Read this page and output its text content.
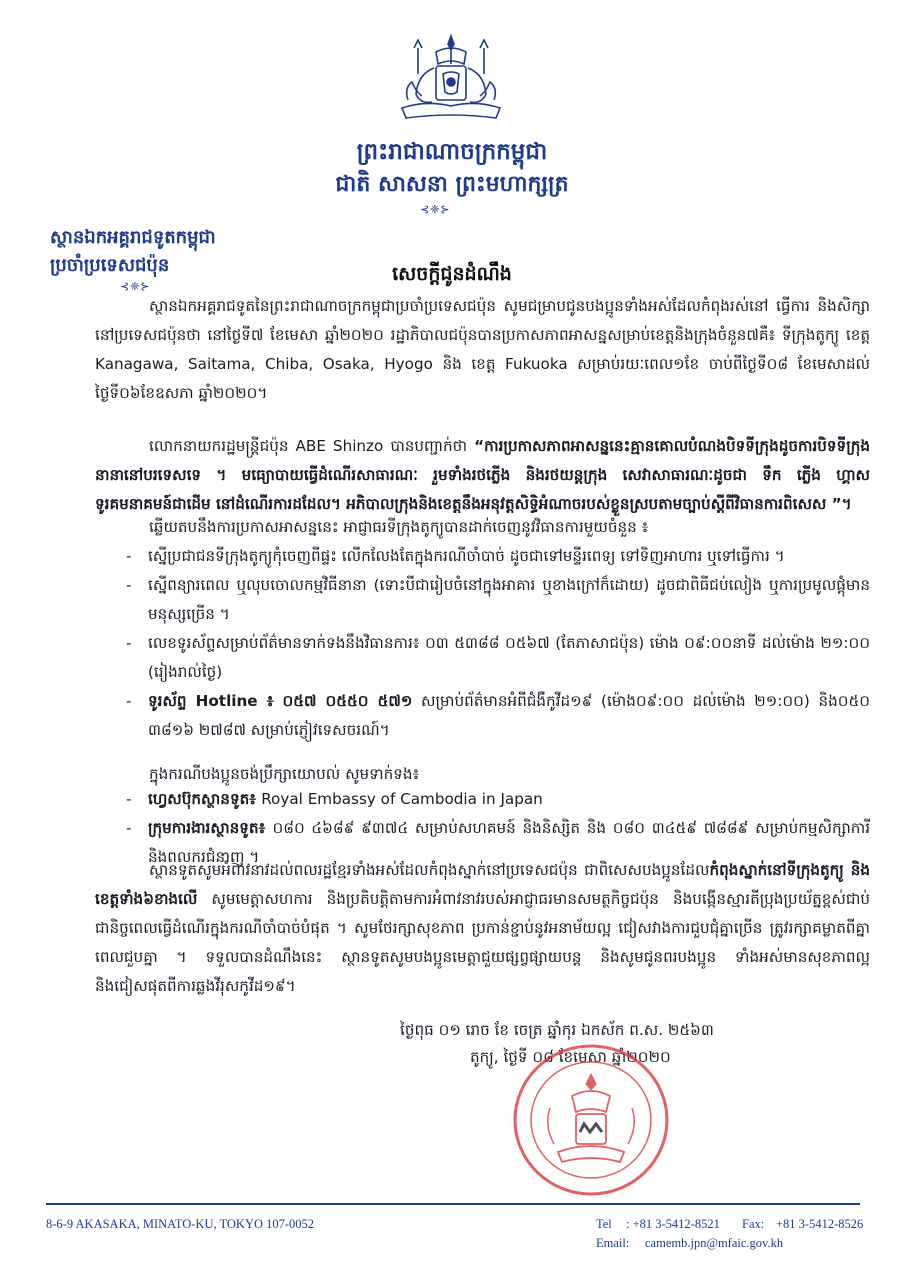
ព្រះរាជាណាចក្រកម្ពុជា
ជាតិ សាសនា ព្រះមហាក្សត្រ
⊰❈⊱
ស្ថានឯកអគ្គរាជទូតកម្ពុជា
ប្រចាំប្រទេសជប៉ុន
⊰❈⊱
សេចក្តីជូនដំណឹង
ស្ថានឯកអគ្គរាជទូតនៃព្រះរាជាណាចក្រកម្ពុជាប្រចាំប្រទេសជប៉ុន សូមជម្រាបជូនបងប្អូនទាំងអស់ដែលកំពុងរស់នៅ ធ្វើការ និងសិក្សានៅប្រទេសជប៉ុនថា នៅថ្ងៃទី៧ ខែមេសា ឆ្នាំ២០២០ រដ្ឋាភិបាលជប៉ុនបានប្រកាសភាពអាសន្នសម្រាប់ខេត្តនិងក្រុងចំនួន៧គឺ៖ ទីក្រុងតូក្យូ ខេត្ត Kanagawa, Saitama, Chiba, Osaka, Hyogo និង ខេត្ត Fukuoka សម្រាប់រយៈពេល១ខែ ចាប់ពីថ្ងៃទី០៨ ខែមេសាដល់ថ្ងៃទី០៦ខែឧសភា ឆ្នាំ២០២០។
លោកនាយករដ្ឋមន្ត្រីជប៉ុន ABE Shinzo បានបញ្ជាក់ថា “ការប្រកាសភាពអាសន្ននេះគ្មានគោលបំណងបិទទីក្រុងដូចការបិទទីក្រុងនានានៅបរទេសទេ ។ មធ្យោបាយធ្វើដំណើរសាធារណៈ រួមទាំងរថភ្លើង និងរថយន្តក្រុង សេវាសាធារណៈដូចជា ទឹក ភ្លើង ហ្គាស ទូរគមនាគមន៍ជាដើម នៅដំណើរការដដែល។ អភិបាលក្រុងនិងខេត្តនឹងអនុវត្តសិទ្ធិអំណាចរបស់ខ្លួនស្របតាមច្បាប់ស្តីពីវិធានការពិសេស ”។
ឆ្លើយតបនឹងការប្រកាសអាសន្ននេះ អាជ្ញាធរទីក្រុងតូក្យូបានដាក់ចេញនូវវិធានការមួយចំនួន ៖
- ស្នើប្រជាជនទីក្រុងតូក្យូកុំចេញពីផ្ទះ លើកលែងតែក្នុងករណីចាំបាច់ ដូចជាទៅមន្ទីរពេទ្យ ទៅទិញអាហារ ឬទៅធ្វើការ ។
- ស្នើពន្យារពេល ឬលុបចោលកម្មវិធីនានា (ទោះបីជារៀបចំនៅក្នុងអាគារ ឬខាងក្រៅក៏ដោយ) ដូចជាពិធីជប់លៀង ឬការប្រមូលផ្តុំមានមនុស្សច្រើន ។
- លេខទូរស័ព្ទសម្រាប់ព័ត៌មានទាក់ទងនឹងវិធានការ៖ ០៣ ៥៣៨៨ ០៥៦៧ (តែភាសាជប៉ុន) ម៉ោង ០៩:០០នាទី ដល់ម៉ោង ២១:០០ (រៀងរាល់ថ្ងៃ)
- ទូរស័ព្ទ Hotline ៖ ០៥៧ ០៥៥០ ៥៧១ សម្រាប់ព័ត៌មានអំពីជំងឺកូវីដ១៩ (ម៉ោង០៩:០០ ដល់ម៉ោង ២១:០០) និង០៥០ ៣៨១៦ ២៧៨៧ សម្រាប់ភ្ញៀវទេសចរណ៍។
ក្នុងករណីបងប្អូនចង់ប្រឹក្សាយោបល់ សូមទាក់ទង៖
- ហ្វេសប៊ុកស្ថានទូត៖ Royal Embassy of Cambodia in Japan
- ក្រុមការងារស្ថានទូត៖ ០៨០ ៤៦៨៩ ៩៣៧៤ សម្រាប់សហគមន៍ និងនិស្សិត និង ០៨០ ៣៤៥៩ ៧៨៨៩ សម្រាប់កម្មសិក្សាការី និងពលករជំនាញ ។
ស្ថានទូតសូមអំពាវនាវដល់ពលរដ្ឋខ្មែរទាំងអស់ដែលកំពុងស្នាក់នៅប្រទេសជប៉ុន ជាពិសេសបងប្អូនដែលកំពុងស្នាក់នៅទីក្រុងតូក្យូ និងខេត្តទាំង៦ខាងលើ សូមមេត្តាសហការ និងប្រតិបត្តិតាមការអំពាវនាវរបស់អាជ្ញាធរមានសមត្ថកិច្ចជប៉ុន និងបង្កើនស្មារតីប្រុងប្រយ័ត្នខ្ពស់ជាប់ជានិច្ចពេលធ្វើដំណើរក្នុងករណីចាំបាច់បំផុត ។ សូមថែរក្សាសុខភាព ប្រកាន់ខ្ជាប់នូវអនាម័យល្អ ជៀសវាងការជួបជុំគ្នាច្រើន ត្រូវរក្សាគម្លាតពីគ្នាពេលជួបគ្នា ។ ទទួលបានដំណឹងនេះ ស្ថានទូតសូមបងប្អូនមេត្តាជួយផ្សព្វផ្សាយបន្ត និងសូមជូនពរបងប្អូន ទាំងអស់មានសុខភាពល្អ និងជៀសផុតពីការឆ្លងវីរុសកូវីដ១៩។
ថ្ងៃពុធ ០១ រោច ខែ ចេត្រ ឆ្នាំកុរ ឯកស័ក ព.ស. ២៥៦៣
តូក្យូ, ថ្ងៃទី ០៨ ខែមេសា ឆ្នាំ២០២០
8-6-9 AKASAKA, MINATO-KU, TOKYO 107-0052	Tel : +81 3-5412-8521 Fax: +81 3-5412-8526
Email: camemb.jpn@mfaic.gov.kh
